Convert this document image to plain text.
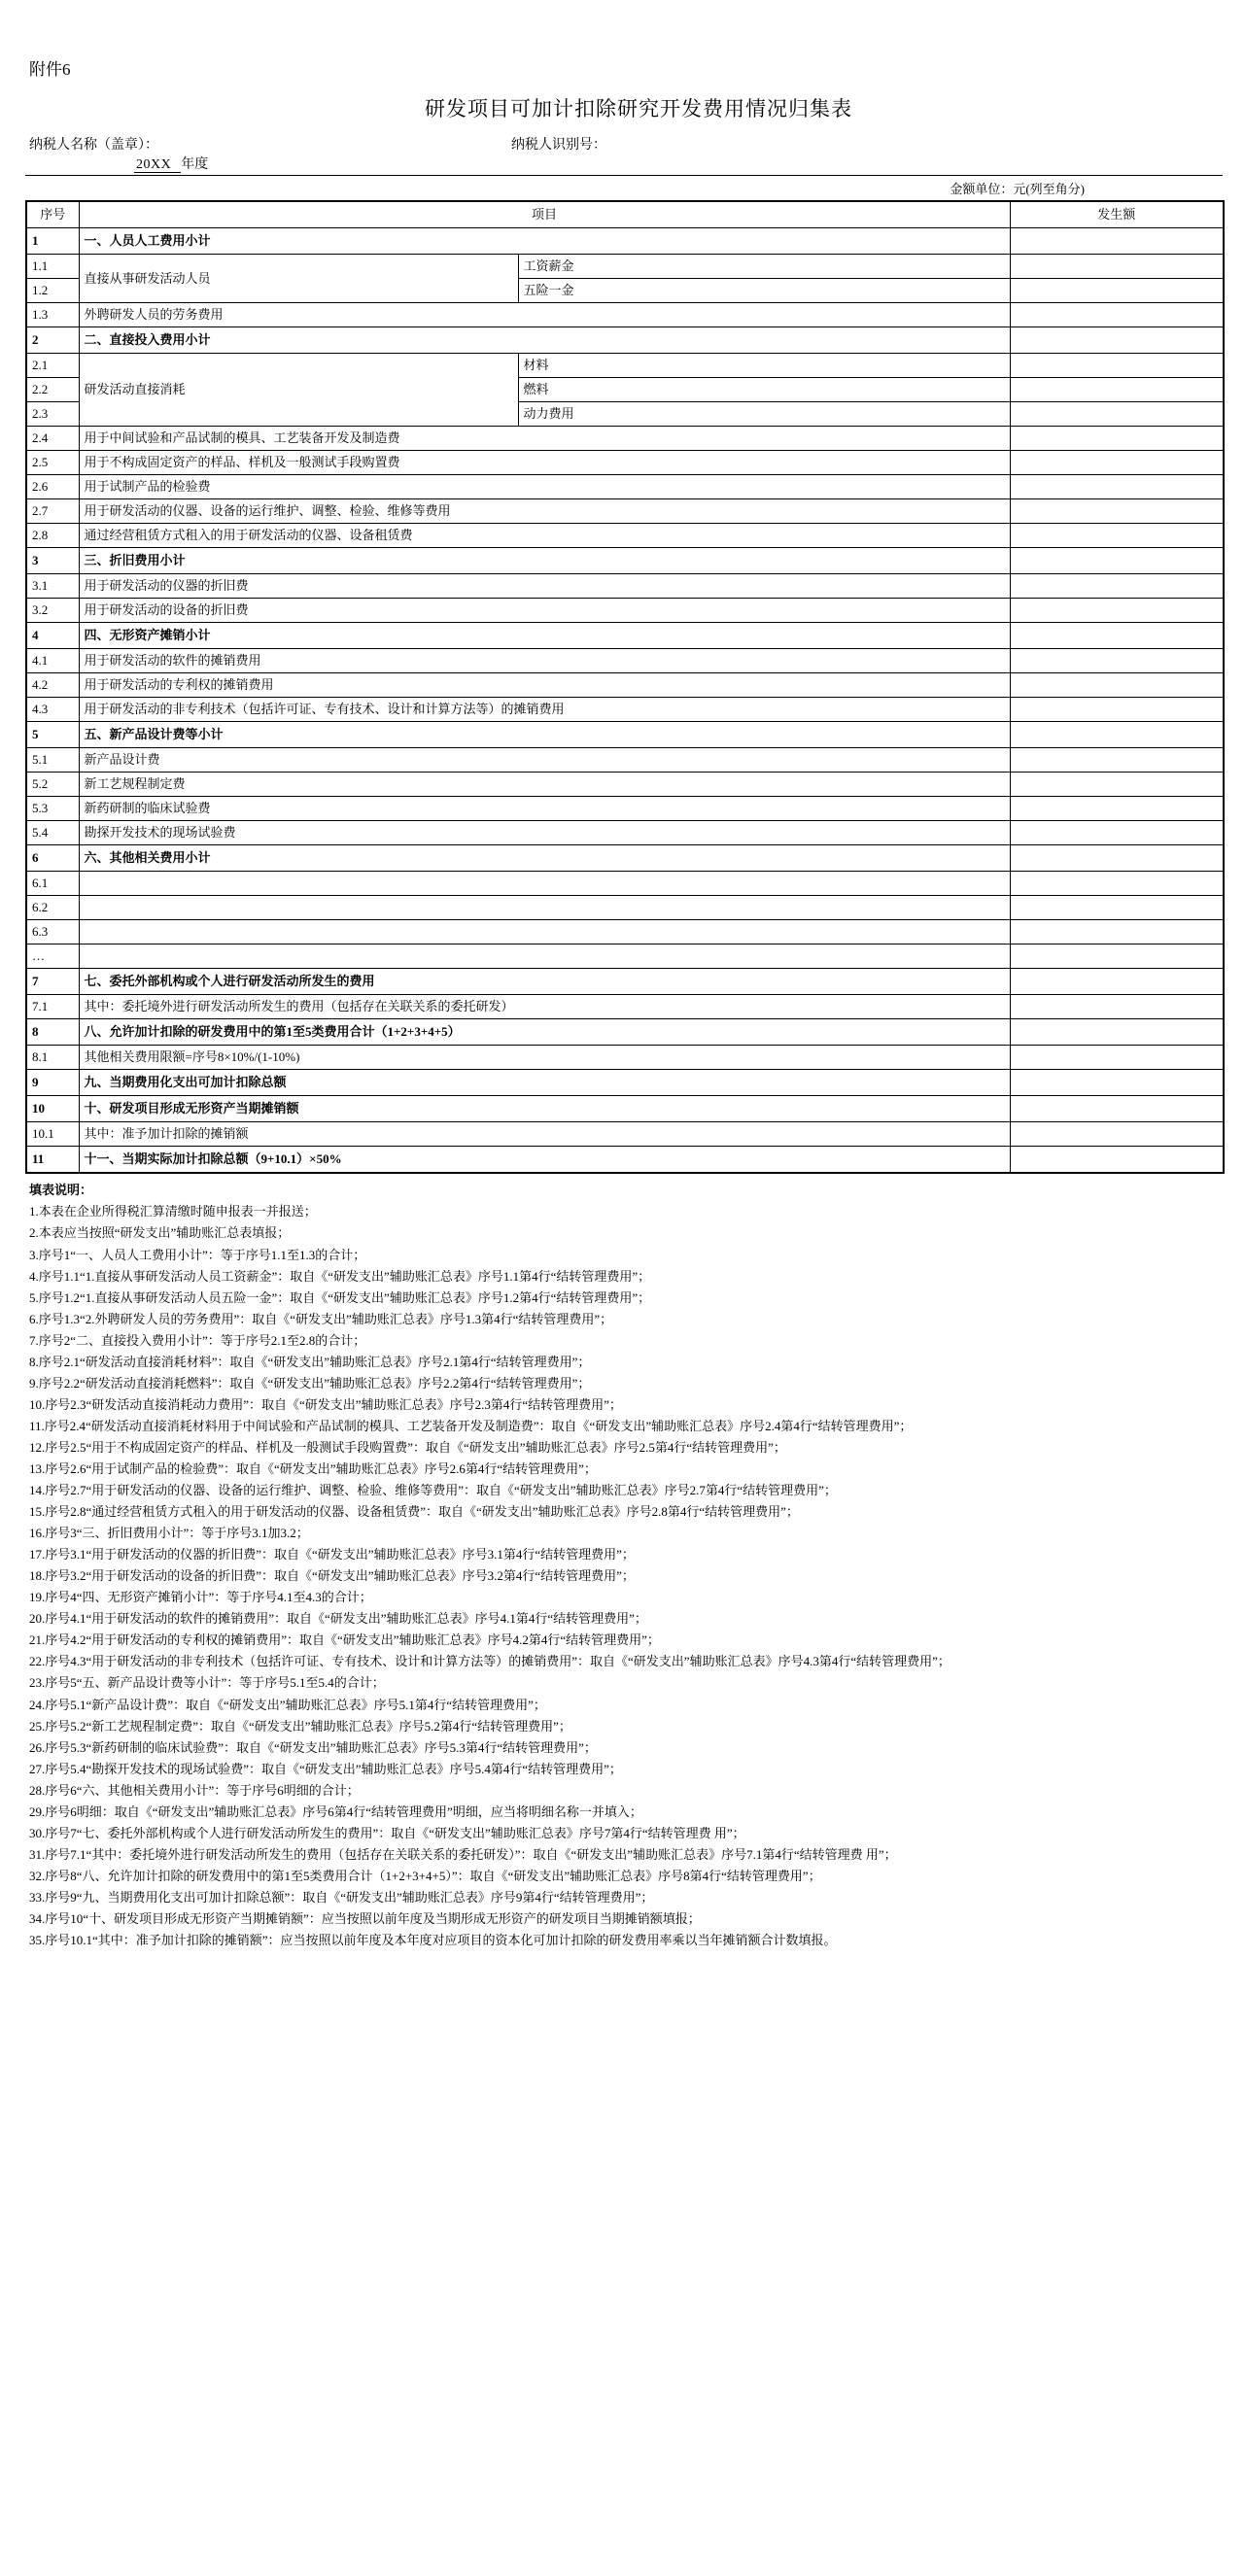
附件6
研发项目可加计扣除研究开发费用情况归集表
纳税人名称（盖章）：	纳税人识别号：
20XX 年度
金额单位：元(列至角分)
序号	项目		发生额
1	一、人员人工费用小计		
1.1	直接从事研发活动人员	工资薪金	
1.2		五险一金	
1.3	外聘研发人员的劳务费用		
2	二、直接投入费用小计		
2.1	研发活动直接消耗	材料	
2.2		燃料	
2.3		动力费用	
2.4	用于中间试验和产品试制的模具、工艺装备开发及制造费		
2.5	用于不构成固定资产的样品、样机及一般测试手段购置费		
2.6	用于试制产品的检验费		
2.7	用于研发活动的仪器、设备的运行维护、调整、检验、维修等费用		
2.8	通过经营租赁方式租入的用于研发活动的仪器、设备租赁费		
3	三、折旧费用小计		
3.1	用于研发活动的仪器的折旧费		
3.2	用于研发活动的设备的折旧费		
4	四、无形资产摊销小计		
4.1	用于研发活动的软件的摊销费用		
4.2	用于研发活动的专利权的摊销费用		
4.3	用于研发活动的非专利技术（包括许可证、专有技术、设计和计算方法等）的摊销费用		
5	五、新产品设计费等小计		
5.1	新产品设计费		
5.2	新工艺规程制定费		
5.3	新药研制的临床试验费		
5.4	勘探开发技术的现场试验费		
6	六、其他相关费用小计		
6.1			
6.2			
6.3			
…			
7	七、委托外部机构或个人进行研发活动所发生的费用		
7.1	其中：委托境外进行研发活动所发生的费用（包括存在关联关系的委托研发）		
8	八、允许加计扣除的研发费用中的第1至5类费用合计（1+2+3+4+5）		
8.1	其他相关费用限额=序号8×10%/(1-10%)		
9	九、当期费用化支出可加计扣除总额		
10	十、研发项目形成无形资产当期摊销额		
10.1	其中：准予加计扣除的摊销额		
11	十一、当期实际加计扣除总额（9+10.1）×50%		
填表说明：

1.本表在企业所得税汇算清缴时随申报表一并报送；

2.本表应当按照“研发支出”辅助账汇总表填报；

3.序号1“一、人员人工费用小计”：等于序号1.1至1.3的合计；

4.序号1.1“1.直接从事研发活动人员工资薪金”：取自《“研发支出”辅助账汇总表》序号1.1第4行“结转管理费用”；

5.序号1.2“1.直接从事研发活动人员五险一金”：取自《“研发支出”辅助账汇总表》序号1.2第4行“结转管理费用”；

6.序号1.3“2.外聘研发人员的劳务费用”：取自《“研发支出”辅助账汇总表》序号1.3第4行“结转管理费用”；

7.序号2“二、直接投入费用小计”：等于序号2.1至2.8的合计；

8.序号2.1“研发活动直接消耗材料”：取自《“研发支出”辅助账汇总表》序号2.1第4行“结转管理费用”；

9.序号2.2“研发活动直接消耗燃料”：取自《“研发支出”辅助账汇总表》序号2.2第4行“结转管理费用”；

10.序号2.3“研发活动直接消耗动力费用”：取自《“研发支出”辅助账汇总表》序号2.3第4行“结转管理费用”；

11.序号2.4“研发活动直接消耗材料用于中间试验和产品试制的模具、工艺装备开发及制造费”：取自《“研发支出”辅助账汇总表》序号2.4第4行“结转管理费用”；

12.序号2.5“用于不构成固定资产的样品、样机及一般测试手段购置费”：取自《“研发支出”辅助账汇总表》序号2.5第4行“结转管理费用”；

13.序号2.6“用于试制产品的检验费”：取自《“研发支出”辅助账汇总表》序号2.6第4行“结转管理费用”；

14.序号2.7“用于研发活动的仪器、设备的运行维护、调整、检验、维修等费用”：取自《“研发支出”辅助账汇总表》序号2.7第4行“结转管理费用”；

15.序号2.8“通过经营租赁方式租入的用于研发活动的仪器、设备租赁费”：取自《“研发支出”辅助账汇总表》序号2.8第4行“结转管理费用”；

16.序号3“三、折旧费用小计”：等于序号3.1加3.2；

17.序号3.1“用于研发活动的仪器的折旧费”：取自《“研发支出”辅助账汇总表》序号3.1第4行“结转管理费用”；

18.序号3.2“用于研发活动的设备的折旧费”：取自《“研发支出”辅助账汇总表》序号3.2第4行“结转管理费用”；

19.序号4“四、无形资产摊销小计”：等于序号4.1至4.3的合计；

20.序号4.1“用于研发活动的软件的摊销费用”：取自《“研发支出”辅助账汇总表》序号4.1第4行“结转管理费用”；

21.序号4.2“用于研发活动的专利权的摊销费用”：取自《“研发支出”辅助账汇总表》序号4.2第4行“结转管理费用”；

22.序号4.3“用于研发活动的非专利技术（包括许可证、专有技术、设计和计算方法等）的摊销费用”：取自《“研发支出”辅助账汇总表》序号4.3第4行“结转管理费用”；

23.序号5“五、新产品设计费等小计”：等于序号5.1至5.4的合计；

24.序号5.1“新产品设计费”：取自《“研发支出”辅助账汇总表》序号5.1第4行“结转管理费用”；

25.序号5.2“新工艺规程制定费”：取自《“研发支出”辅助账汇总表》序号5.2第4行“结转管理费用”；

26.序号5.3“新药研制的临床试验费”：取自《“研发支出”辅助账汇总表》序号5.3第4行“结转管理费用”；

27.序号5.4“勘探开发技术的现场试验费”：取自《“研发支出”辅助账汇总表》序号5.4第4行“结转管理费用”；

28.序号6“六、其他相关费用小计”：等于序号6明细的合计；

29.序号6明细：取自《“研发支出”辅助账汇总表》序号6第4行“结转管理费用”明细，应当将明细名称一并填入；

30.序号7“七、委托外部机构或个人进行研发活动所发生的费用”：取自《“研发支出”辅助账汇总表》序号7第4行“结转管理费 用”；

31.序号7.1“其中：委托境外进行研发活动所发生的费用（包括存在关联关系的委托研发）”：取自《“研发支出”辅助账汇总表》序号7.1第4行“结转管理费 用”；

32.序号8“八、允许加计扣除的研发费用中的第1至5类费用合计（1+2+3+4+5）”：取自《“研发支出”辅助账汇总表》序号8第4行“结转管理费用”；

33.序号9“九、当期费用化支出可加计扣除总额”：取自《“研发支出”辅助账汇总表》序号9第4行“结转管理费用”；

34.序号10“十、研发项目形成无形资产当期摊销额”：应当按照以前年度及当期形成无形资产的研发项目当期摊销额填报；

35.序号10.1“其中：准予加计扣除的摊销额”：应当按照以前年度及本年度对应项目的资本化可加计扣除的研发费用率乘以当年摊销额合计数填报。
